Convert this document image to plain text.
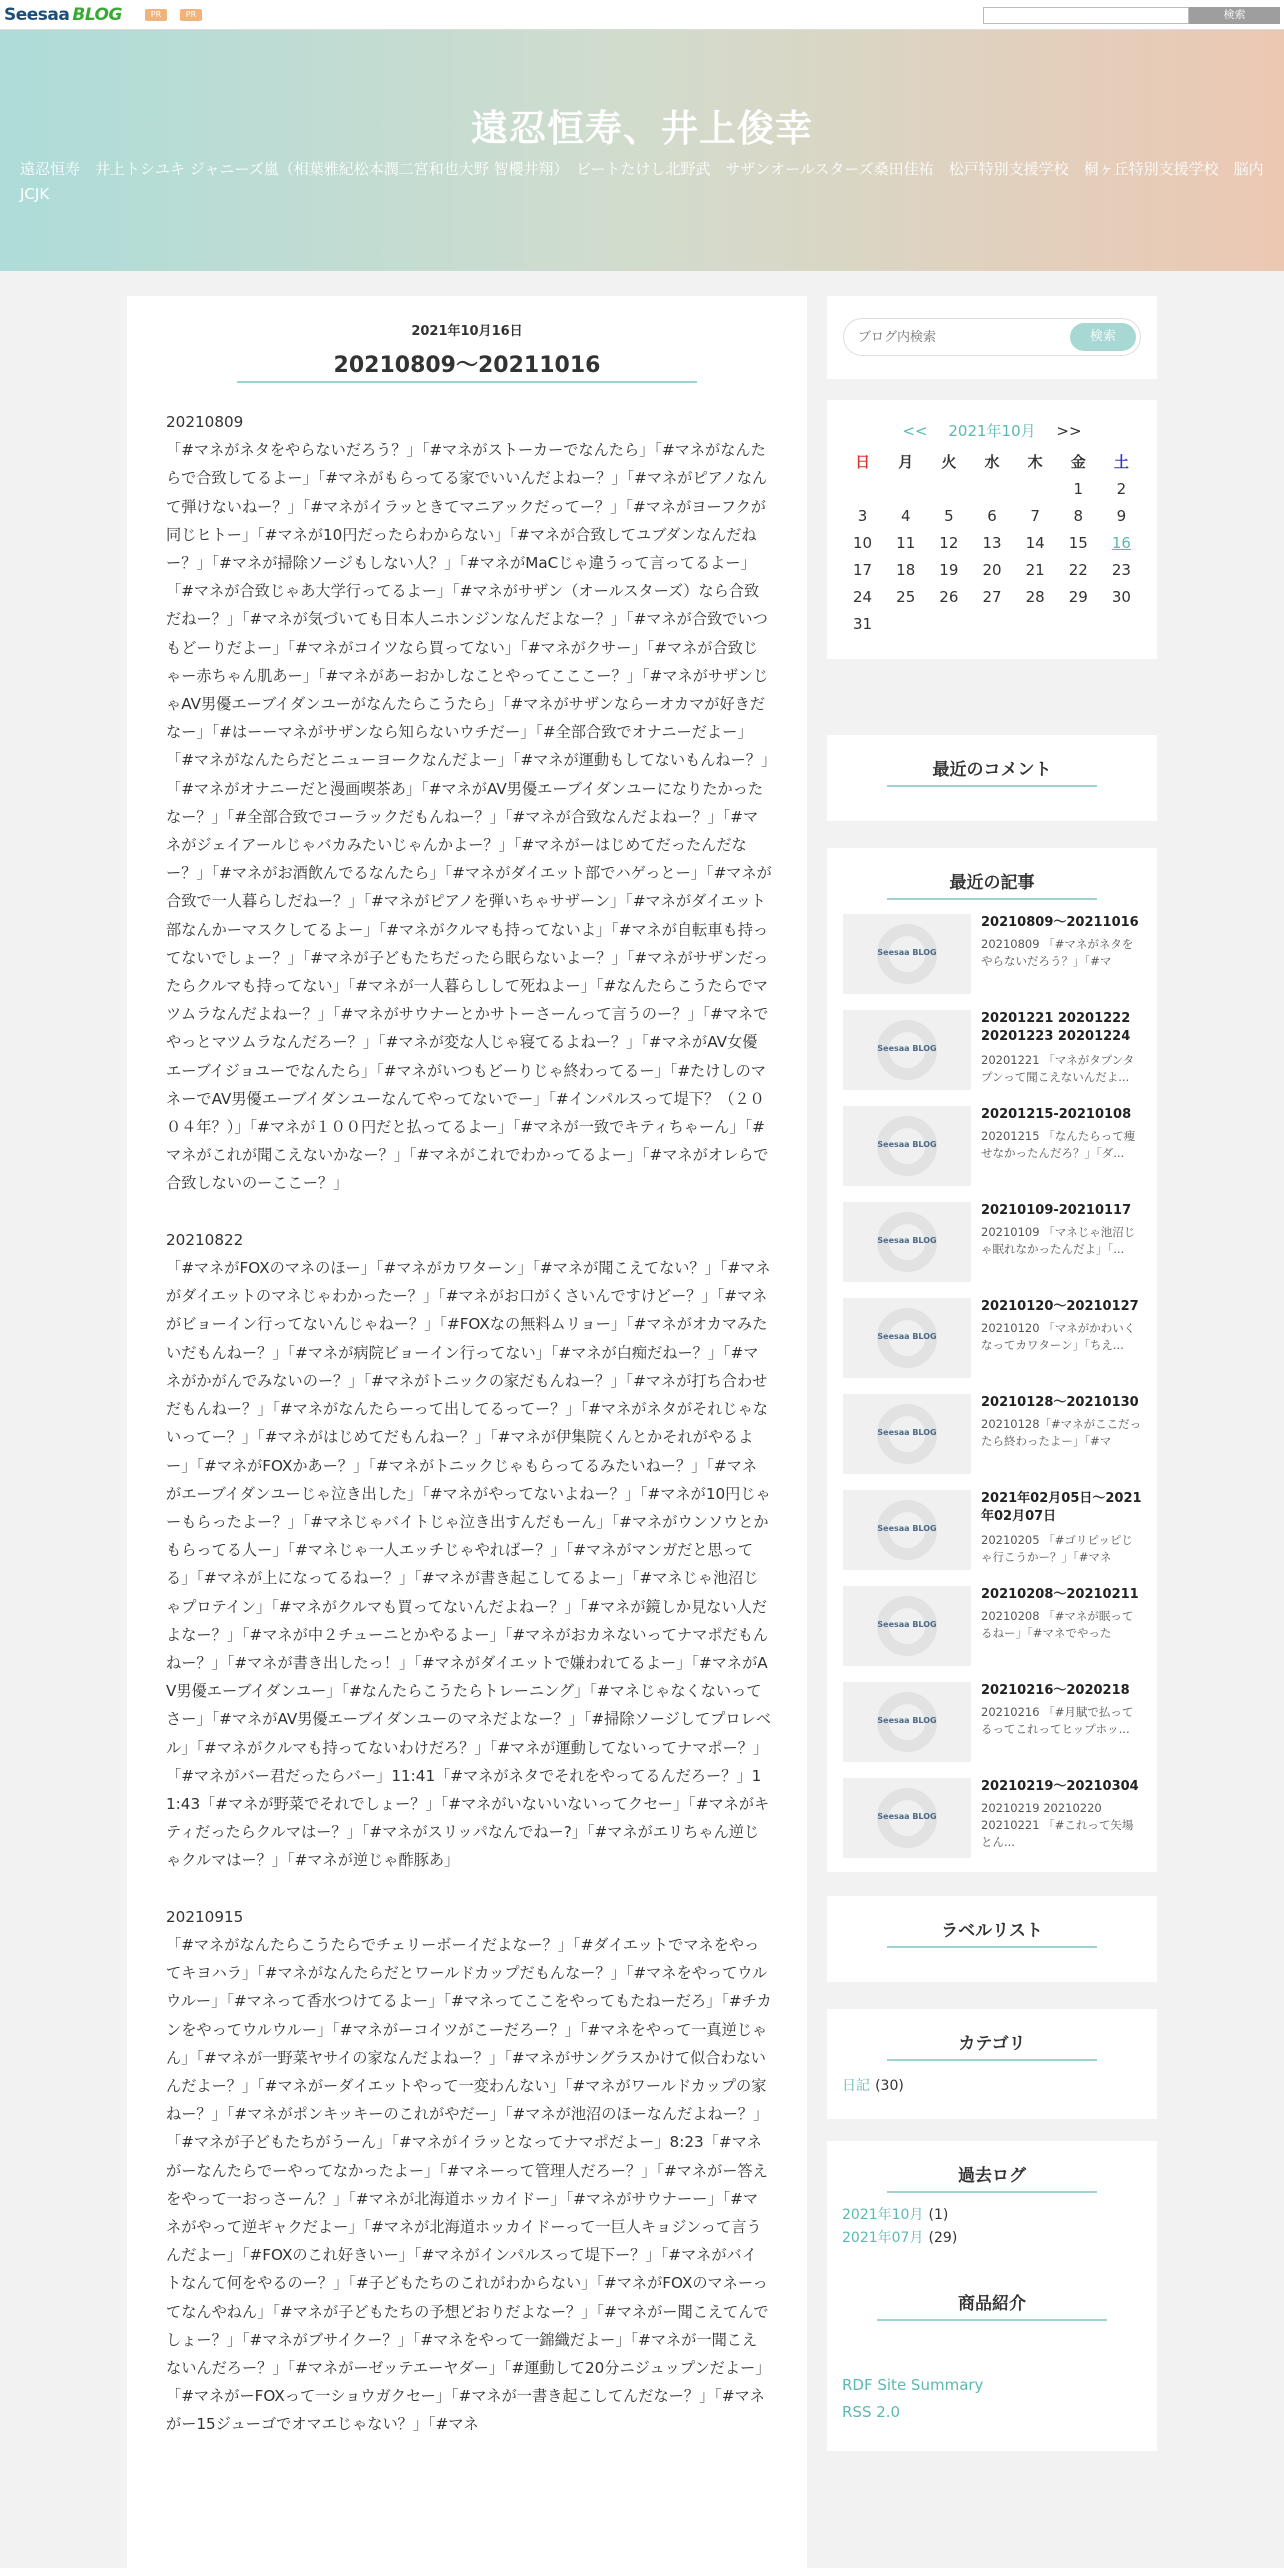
Seesaa BLOG	PR	PR	検索
遠忍恒寿、井上俊幸
遠忍恒寿　井上トシユキ ジャニーズ嵐（相葉雅紀松本潤二宮和也大野 智櫻井翔）　ビートたけし北野武　サザンオールスターズ桑田佳祐　松戸特別支援学校　桐ヶ丘特別支援学校　脳内JCJK
2021年10月16日
20210809～20211016
20210809

「#マネがネタをやらないだろう？」「#マネがストーカーでなんたら」「#マネがなんたらで合致してるよー」「#マネがもらってる家でいいんだよねー？」「#マネがピアノなんて弾けないねー？」「#マネがイラッときてマニアックだってー？」「#マネがヨーフクが同じヒトー」「#マネが10円だったらわからない」「#マネが合致してユブダンなんだねー？」「#マネが掃除ソージもしない人？」「#マネがMaCじゃ違うって言ってるよー」「#マネが合致じゃあ大学行ってるよー」「#マネがサザン（オールスターズ）なら合致だねー？」「#マネが気づいても日本人ニホンジンなんだよなー？」「#マネが合致でいつもどーりだよー」「#マネがコイツなら買ってない」「#マネがクサー」「#マネが合致じゃー赤ちゃん肌あー」「#マネがあーおかしなことやってこここー？」「#マネがサザンじゃAV男優エーブイダンユーがなんたらこうたら」「#マネがサザンならーオカマが好きだなー」「#はーーマネがサザンなら知らないウチだー」「#全部合致でオナニーだよー」「#マネがなんたらだとニューヨークなんだよー」「#マネが運動もしてないもんねー？」「#マネがオナニーだと漫画喫茶あ」「#マネがAV男優エーブイダンユーになりたかったなー？」「#全部合致でコーラックだもんねー？」「#マネが合致なんだよねー？」「#マネがジェイアールじゃバカみたいじゃんかよー？」「#マネがーはじめてだったんだなー？」「#マネがお酒飲んでるなんたら」「#マネがダイエット部でハゲっとー」「#マネが合致で一人暮らしだねー？」「#マネがピアノを弾いちゃサザーン」「#マネがダイエット部なんかーマスクしてるよー」「#マネがクルマも持ってないよ」「#マネが自転車も持ってないでしょー？」「#マネが子どもたちだったら眠らないよー？」「#マネがサザンだったらクルマも持ってない」「#マネが一人暮らしして死ねよー」「#なんたらこうたらでマツムラなんだよねー？」「#マネがサウナーとかサトーさーんって言うのー？」「#マネでやっとマツムラなんだろー？」「#マネが変な人じゃ寝てるよねー？」「#マネがAV女優エーブイジョユーでなんたら」「#マネがいつもどーりじゃ終わってるー」「#たけしのマネーでAV男優エーブイダンユーなんてやってないでー」「#インパルスって堤下？（２００４年？）」「#マネが１００円だと払ってるよー」「#マネが一致でキティちゃーん」「#マネがこれが聞こえないかなー？」「#マネがこれでわかってるよー」「#マネがオレらで合致しないのーここー？」

20210822

「#マネがFOXのマネのほー」「#マネがカワターン」「#マネが聞こえてない？」「#マネがダイエットのマネじゃわかったー？」「#マネがお口がくさいんですけどー？」「#マネがビョーイン行ってないんじゃねー？」「#FOXなの無料ムリョー」「#マネがオカマみたいだもんねー？」「#マネが病院ビョーイン行ってない」「#マネが白痴だねー？」「#マネがかがんでみないのー？」「#マネがトニックの家だもんねー？」「#マネが打ち合わせだもんねー？」「#マネがなんたらーって出してるってー？」「#マネがネタがそれじゃないってー？」「#マネがはじめてだもんねー？」「#マネが伊集院くんとかそれがやるよー」「#マネがFOXかあー？」「#マネがトニックじゃもらってるみたいねー？」「#マネがエーブイダンユーじゃ泣き出した」「#マネがやってないよねー？」「#マネが10円じゃーもらったよー？」「#マネじゃバイトじゃ泣き出すんだもーん」「#マネがウンソウとかもらってる人ー」「#マネじゃ一人エッチじゃやればー？」「#マネがマンガだと思ってる」「#マネが上になってるねー？」「#マネが書き起こしてるよー」「#マネじゃ池沼じゃプロテイン」「#マネがクルマも買ってないんだよねー？」「#マネが鏡しか見ない人だよなー？」「#マネが中２チューニとかやるよー」「#マネがおカネないってナマポだもんねー？」「#マネが書き出したっ！」「#マネがダイエットで嫌われてるよー」「#マネがAV男優エーブイダンユー」「#なんたらこうたらトレーニング」「#マネじゃなくないってさー」「#マネがAV男優エーブイダンユーのマネだよなー？」「#掃除ソージしてプロレベル」「#マネがクルマも持ってないわけだろ？」「#マネが運動してないってナマポー？」「#マネがバー君だったらバー」11:41「#マネがネタでそれをやってるんだろー？」11:43「#マネが野菜でそれでしょー？」「#マネがいないいないってクセー」「#マネがキティだったらクルマはー？」「#マネがスリッパなんでねー?」「#マネがエリちゃん逆じゃクルマはー？」「#マネが逆じゃ酢豚あ」

20210915

「#マネがなんたらこうたらでチェリーボーイだよなー？」「#ダイエットでマネをやってキヨハラ」「#マネがなんたらだとワールドカップだもんなー？」「#マネをやってウルウルー」「#マネって香水つけてるよー」「#マネってここをやってもたねーだろ」「#チカンをやってウルウルー」「#マネがーコイツがこーだろー？」「#マネをやって一真逆じゃん」「#マネが一野菜ヤサイの家なんだよねー？」「#マネがサングラスかけて似合わないんだよー？」「#マネがーダイエットやって一変わんない」「#マネがワールドカップの家ねー？」「#マネがポンキッキーのこれがやだー」「#マネが池沼のほーなんだよねー？」「#マネが子どもたちがうーん」「#マネがイラッとなってナマポだよー」8:23「#マネがーなんたらでーやってなかったよー」「#マネーって管理人だろー？」「#マネがー答えをやって一おっさーん？」「#マネが北海道ホッカイドー」「#マネがサウナーー」「#マネがやって逆ギャクだよー」「#マネが北海道ホッカイドーって一巨人キョジンって言うんだよー」「#FOXのこれ好きいー」「#マネがインパルスって堤下ー？」「#マネがバイトなんて何をやるのー？」「#子どもたちのこれがわからない」「#マネがFOXのマネーってなんやねん」「#マネが子どもたちの予想どおりだよなー？」「#マネがー聞こえてんでしょー？」「#マネがブサイクー？」「#マネをやって一錦織だよー」「#マネが一聞こえないんだろー？」「#マネがーゼッテエーヤダー」「#運動して20分ニジュップンだよー」「#マネがーFOXって一ショウガクセー」「#マネが一書き起こしてんだなー？」「#マネがー15ジューゴでオマエじゃない？」「#マネ

ブログ内検索
検索
<< 2021年10月 >>
日	月	火	水	木	金	土
					1	2
3	4	5	6	7	8	9
10	11	12	13	14	15	16
17	18	19	20	21	22	23
24	25	26	27	28	29	30
31						
最近のコメント
最近の記事
Seesaa BLOG
20210809～20211016
20210809 「#マネがネタをやらないだろう？」「#マ
Seesaa BLOG
20201221 20201222 20201223 20201224
20201221 「マネがタプンタプンって聞こえないんだよ...
Seesaa BLOG
20201215-20210108
20201215 「なんたらって痩せなかったんだろ？」「ダ...
Seesaa BLOG
20210109-20210117
20210109 「マネじゃ池沼じゃ眠れなかったんだよ」「...
Seesaa BLOG
20210120～20210127
20210120 「マネがかわいくなってカワターン」「ちえ...
Seesaa BLOG
20210128～20210130
20210128「#マネがここだったら終わったよー」「#マ
Seesaa BLOG
2021年02月05日～2021年02月07日
20210205 「#ゴリピッピじゃ行こうかー？」「#マネ
Seesaa BLOG
20210208～20210211
20210208 「#マネが眠ってるねー」「#マネでやった
Seesaa BLOG
20210216～2020218
20210216 「#月賦で払ってるってこれってヒップホッ...
Seesaa BLOG
20210219～20210304
20210219 20210220 20210221 「#これって矢場とん...
ラベルリスト
カテゴリ
日記 (30)
過去ログ
2021年10月 (1)
2021年07月 (29)
商品紹介
RDF Site Summary
RSS 2.0
